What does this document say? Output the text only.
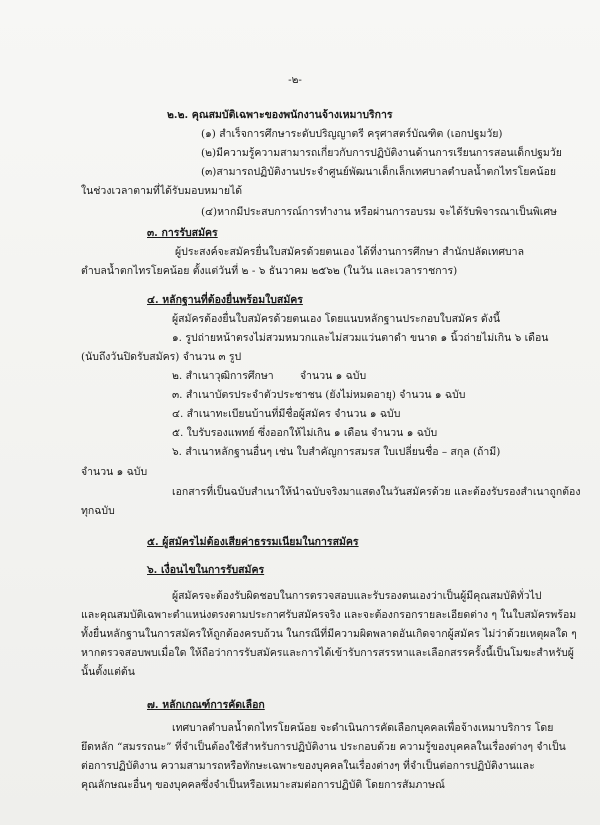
-๒-
๒.๒. คุณสมบัติเฉพาะของพนักงานจ้างเหมาบริการ
(๑) สำเร็จการศึกษาระดับปริญญาตรี ครุศาสตร์บัณฑิต (เอกปฐมวัย)
(๒)มีความรู้ความสามารถเกี่ยวกับการปฏิบัติงานด้านการเรียนการสอนเด็กปฐมวัย
(๓)สามารถปฏิบัติงานประจำศูนย์พัฒนาเด็กเล็กเทศบาลตำบลน้ำตกไทรโยคน้อย
ในช่วงเวลาตามที่ได้รับมอบหมายได้
(๔)หากมีประสบการณ์การทำงาน หรือผ่านการอบรม จะได้รับพิจารณาเป็นพิเศษ
๓. การรับสมัคร
ผู้ประสงค์จะสมัครยื่นใบสมัครด้วยตนเอง ได้ที่งานการศึกษา สำนักปลัดเทศบาล
ตำบลน้ำตกไทรโยคน้อย ตั้งแต่วันที่ ๒ - ๖ ธันวาคม ๒๕๖๒ (ในวัน และเวลาราชการ)
๔. หลักฐานที่ต้องยื่นพร้อมใบสมัคร
ผู้สมัครต้องยื่นใบสมัครด้วยตนเอง โดยแนบหลักฐานประกอบใบสมัคร ดังนี้
๑. รูปถ่ายหน้าตรงไม่สวมหมวกและไม่สวมแว่นตาดำ ขนาด ๑ นิ้วถ่ายไม่เกิน ๖ เดือน
(นับถึงวันปิดรับสมัคร) จำนวน ๓ รูป
๒. สำเนาวุฒิการศึกษา	จำนวน ๑ ฉบับ
๓. สำเนาบัตรประจำตัวประชาชน (ยังไม่หมดอายุ) จำนวน ๑ ฉบับ
๔. สำเนาทะเบียนบ้านที่มีชื่อผู้สมัคร จำนวน ๑ ฉบับ
๕. ใบรับรองแพทย์ ซึ่งออกให้ไม่เกิน ๑ เดือน จำนวน ๑ ฉบับ
๖. สำเนาหลักฐานอื่นๆ เช่น ใบสำคัญการสมรส ใบเปลี่ยนชื่อ – สกุล (ถ้ามี)
จำนวน ๑ ฉบับ
เอกสารที่เป็นฉบับสำเนาให้นำฉบับจริงมาแสดงในวันสมัครด้วย และต้องรับรองสำเนาถูกต้อง
ทุกฉบับ
๕. ผู้สมัครไม่ต้องเสียค่าธรรมเนียมในการสมัคร
๖. เงื่อนไขในการรับสมัคร
ผู้สมัครจะต้องรับผิดชอบในการตรวจสอบและรับรองตนเองว่าเป็นผู้มีคุณสมบัติทั่วไป
และคุณสมบัติเฉพาะตำแหน่งตรงตามประกาศรับสมัครจริง และจะต้องกรอกรายละเอียดต่าง ๆ ในใบสมัครพร้อม
ทั้งยื่นหลักฐานในการสมัครให้ถูกต้องครบถ้วน ในกรณีที่มีความผิดพลาดอันเกิดจากผู้สมัคร ไม่ว่าด้วยเหตุผลใด ๆ
หากตรวจสอบพบเมื่อใด ให้ถือว่าการรับสมัครและการได้เข้ารับการสรรหาและเลือกสรรครั้งนี้เป็นโมฆะสำหรับผู้
นั้นตั้งแต่ต้น
๗. หลักเกณฑ์การคัดเลือก
เทศบาลตำบลน้ำตกไทรโยคน้อย จะดำเนินการคัดเลือกบุคคลเพื่อจ้างเหมาบริการ โดย
ยึดหลัก “สมรรถนะ” ที่จำเป็นต้องใช้สำหรับการปฏิบัติงาน ประกอบด้วย ความรู้ของบุคคลในเรื่องต่างๆ จำเป็น
ต่อการปฏิบัติงาน ความสามารถหรือทักษะเฉพาะของบุคคลในเรื่องต่างๆ ที่จำเป็นต่อการปฏิบัติงานและ
คุณลักษณะอื่นๆ ของบุคคลซึ่งจำเป็นหรือเหมาะสมต่อการปฏิบัติ โดยการสัมภาษณ์
